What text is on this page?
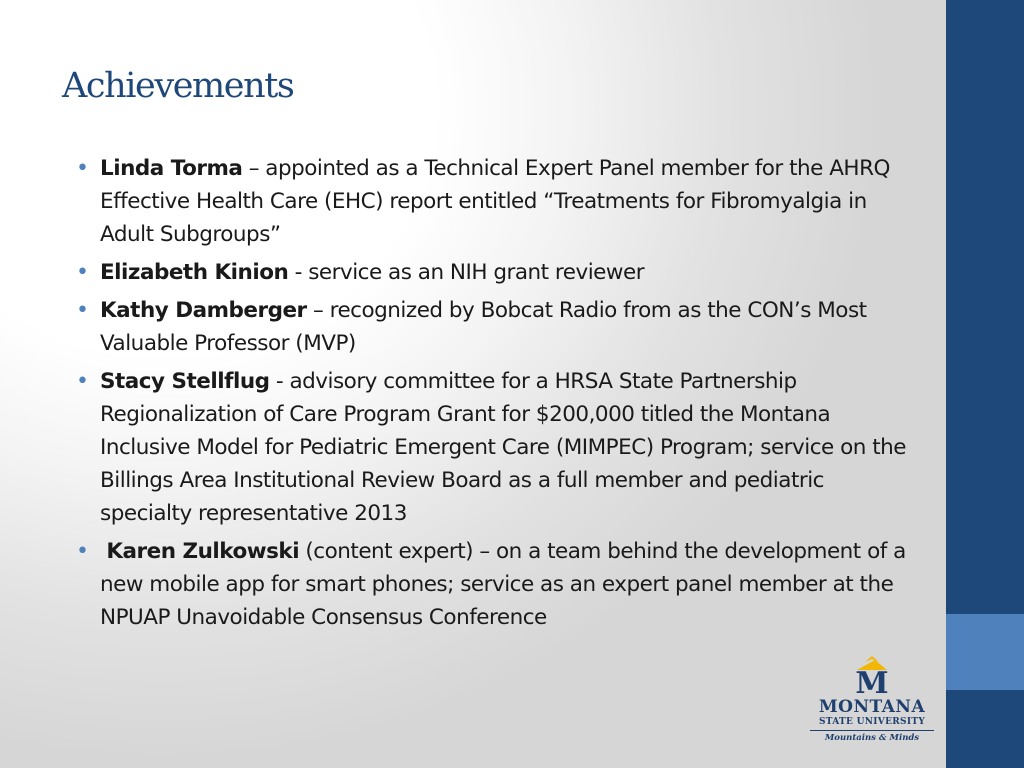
Achievements
• Linda Torma – appointed as a Technical Expert Panel member for the AHRQ Effective Health Care (EHC) report entitled “Treatments for Fibromyalgia in Adult Subgroups”
• Elizabeth Kinion - service as an NIH grant reviewer
• Kathy Damberger – recognized by Bobcat Radio from as the CON’s Most Valuable Professor (MVP)
• Stacy Stellflug - advisory committee for a HRSA State Partnership Regionalization of Care Program Grant for $200,000 titled the Montana Inclusive Model for Pediatric Emergent Care (MIMPEC) Program; service on the Billings Area Institutional Review Board as a full member and pediatric specialty representative 2013
• Karen Zulkowski (content expert) – on a team behind the development of a new mobile app for smart phones; service as an expert panel member at the NPUAP Unavoidable Consensus Conference
M
MONTANA
STATE UNIVERSITY
Mountains & Minds
